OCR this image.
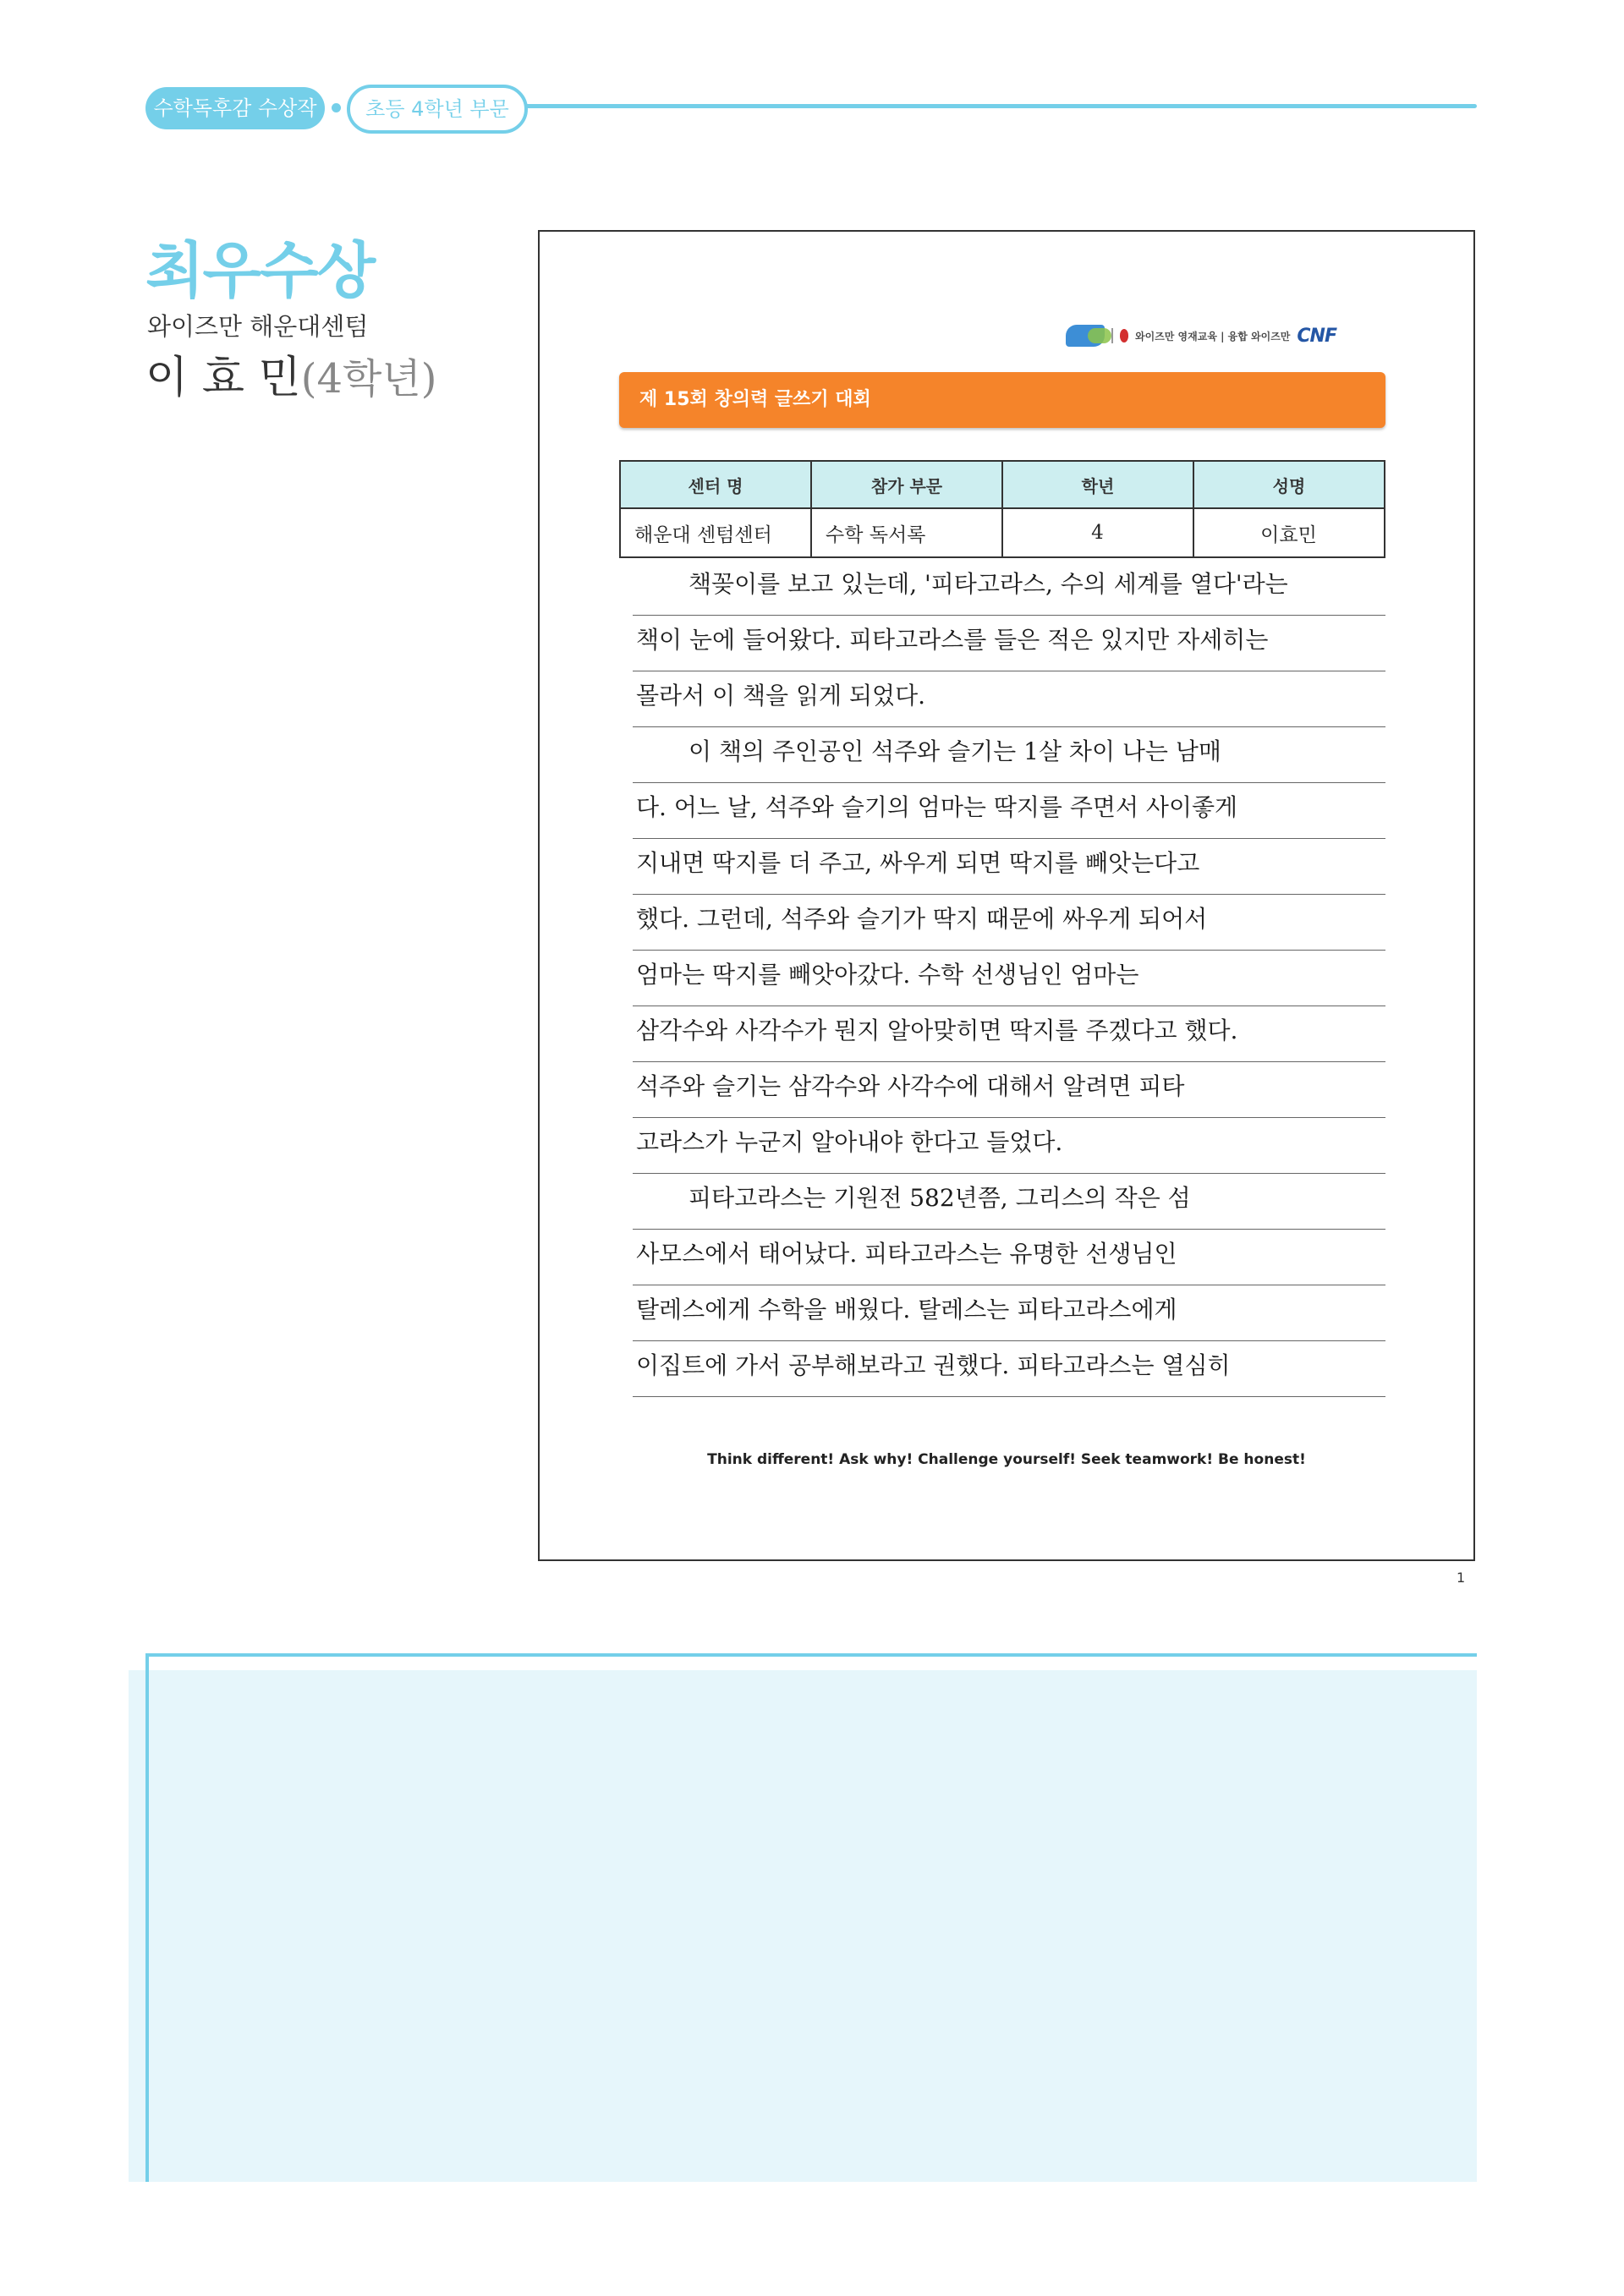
수학독후감 수상작	초등 4학년 부문
최우수상
와이즈만 해운대센텀
이 효 민(4학년)
와이즈만 영재교육 | 융합 와이즈만 CNF
제 15회 창의력 글쓰기 대회
센터 명	참가 부문	학년	성명
해운대 센텀센터	수학 독서록	4	이효민
책꽂이를 보고 있는데, '피타고라스, 수의 세계를 열다'라는
책이 눈에 들어왔다. 피타고라스를 들은 적은 있지만 자세히는
몰라서 이 책을 읽게 되었다.
이 책의 주인공인 석주와 슬기는 1살 차이 나는 남매
다. 어느 날, 석주와 슬기의 엄마는 딱지를 주면서 사이좋게
지내면 딱지를 더 주고, 싸우게 되면 딱지를 빼앗는다고
했다. 그런데, 석주와 슬기가 딱지 때문에 싸우게 되어서
엄마는 딱지를 빼앗아갔다. 수학 선생님인 엄마는
삼각수와 사각수가 뭔지 알아맞히면 딱지를 주겠다고 했다.
석주와 슬기는 삼각수와 사각수에 대해서 알려면 피타
고라스가 누군지 알아내야 한다고 들었다.
피타고라스는 기원전 582년쯤, 그리스의 작은 섬
사모스에서 태어났다. 피타고라스는 유명한 선생님인
탈레스에게 수학을 배웠다. 탈레스는 피타고라스에게
이집트에 가서 공부해보라고 권했다. 피타고라스는 열심히
Think different! Ask why! Challenge yourself! Seek teamwork! Be honest!
1
